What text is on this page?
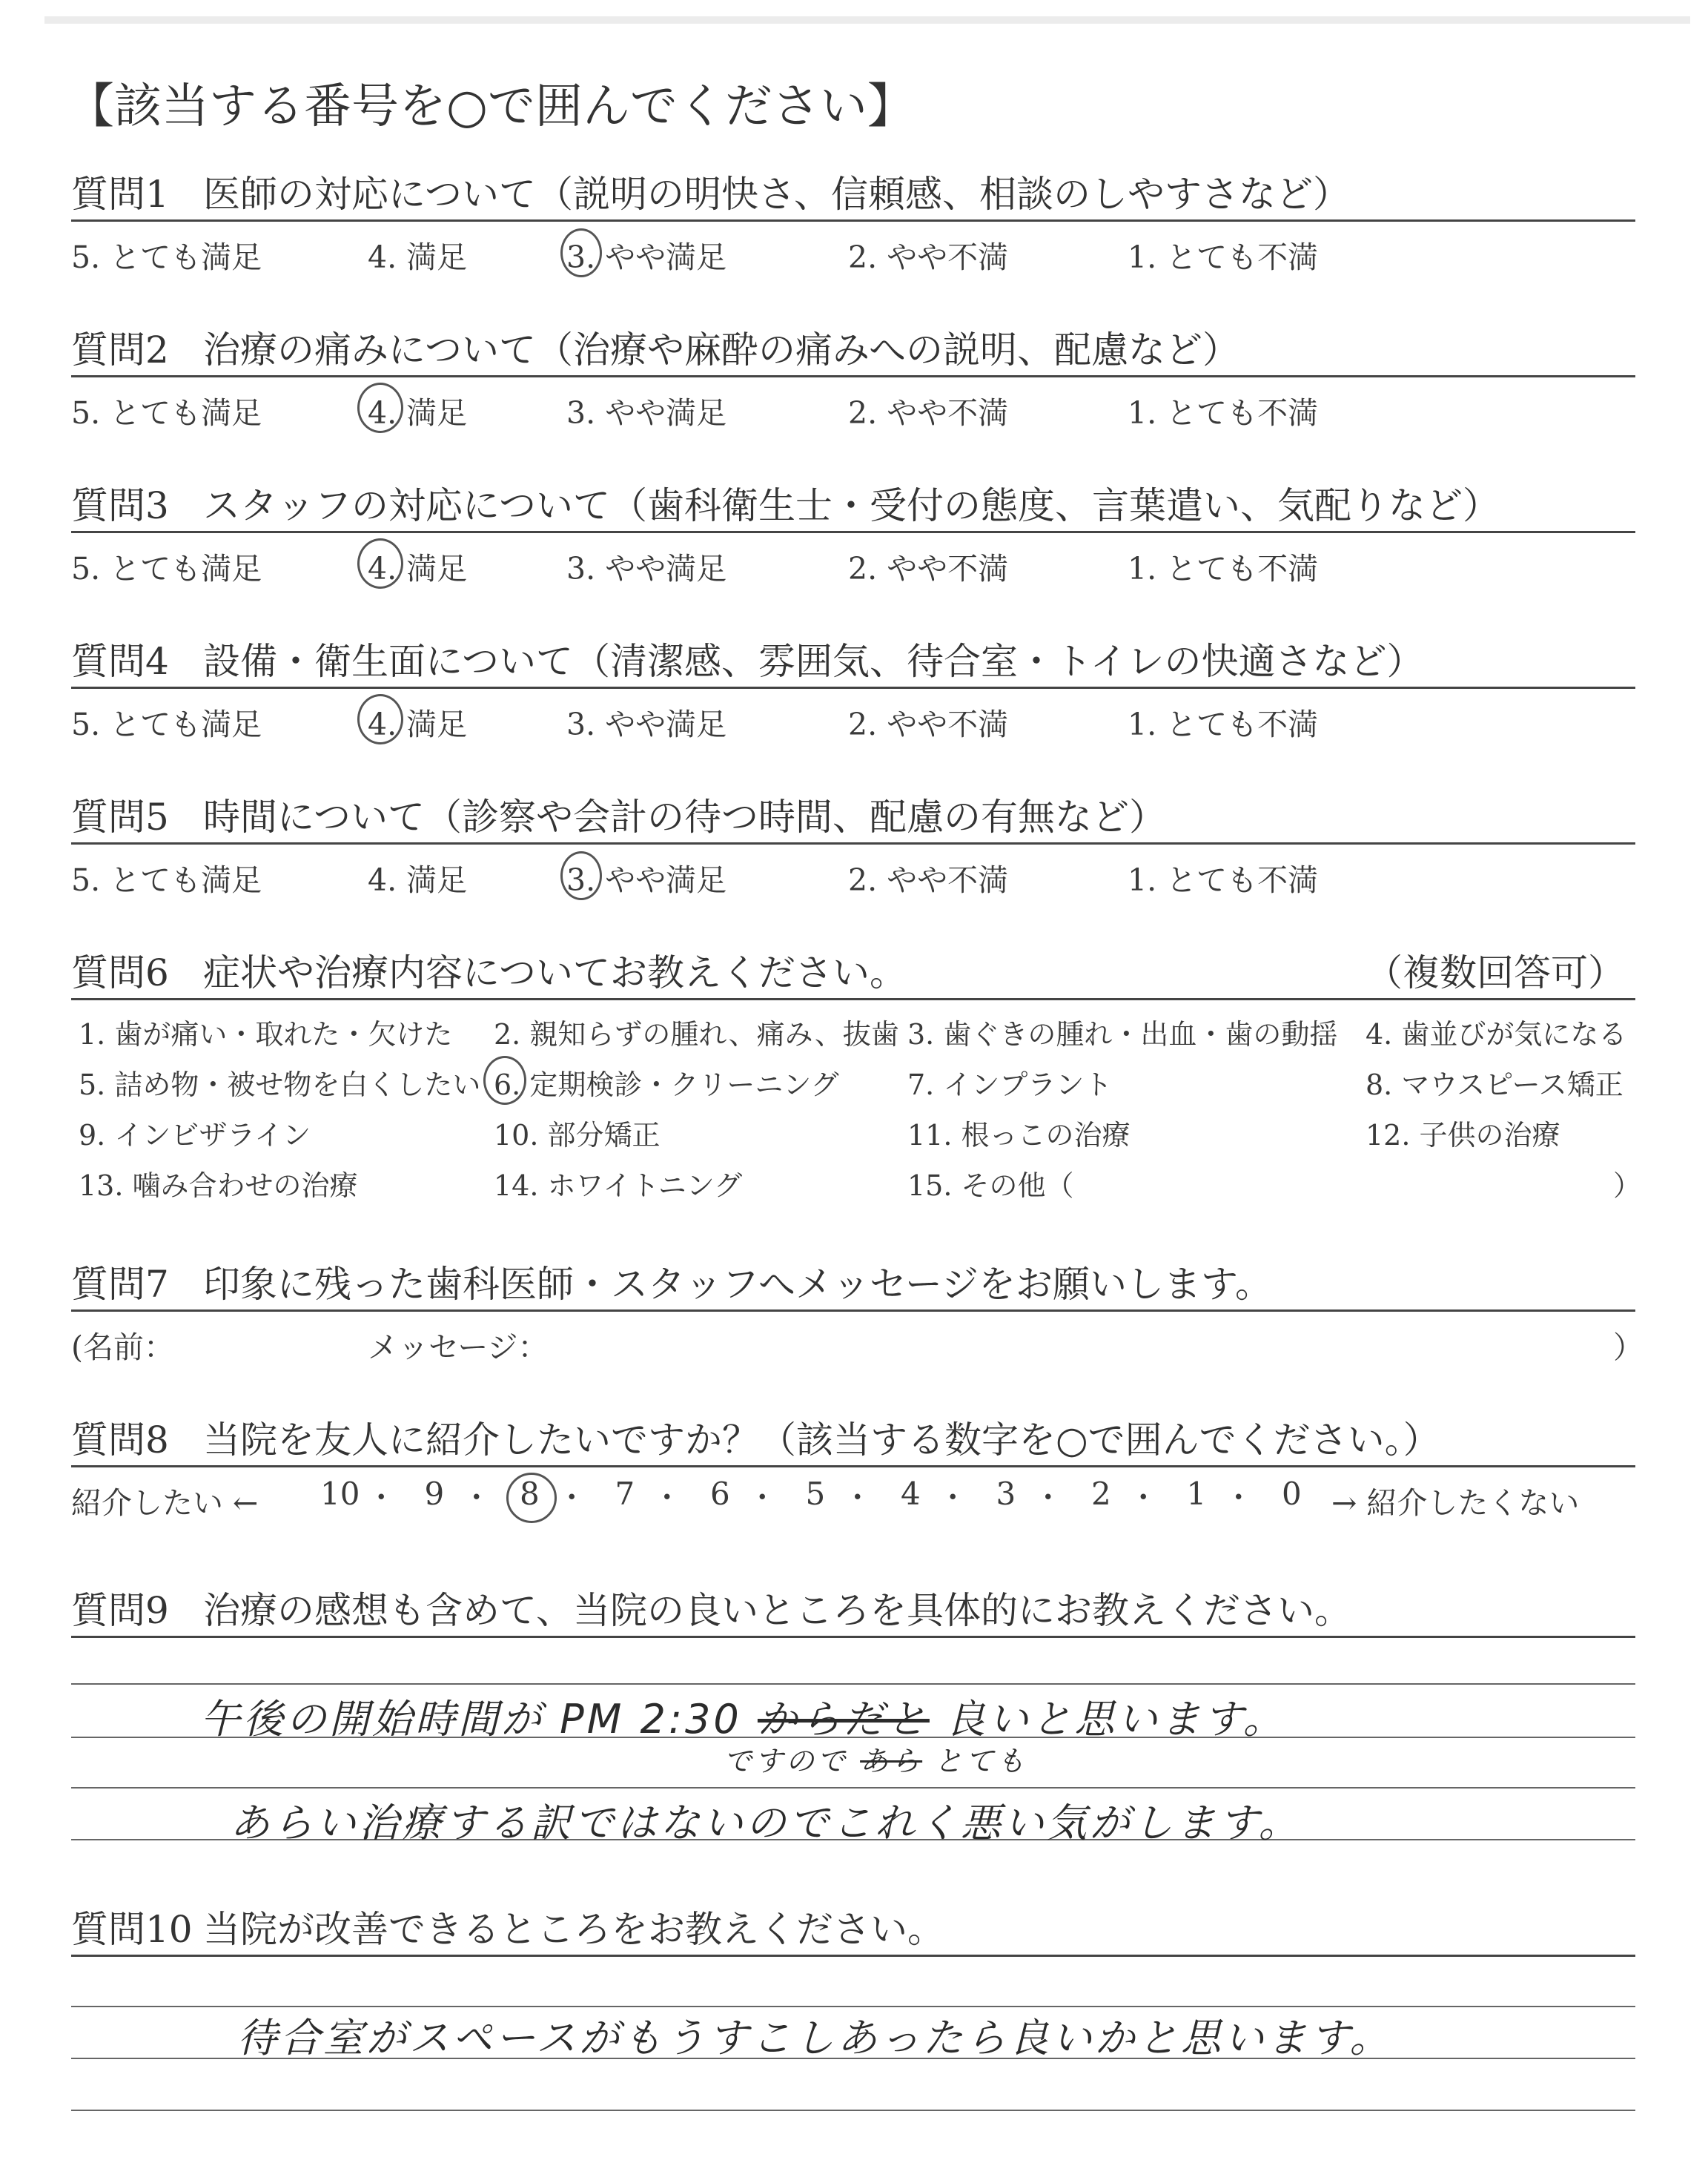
【該当する番号を○で囲んでください】
質問1 医師の対応について（説明の明快さ、信頼感、相談のしやすさなど）
5. とても満足	4. 満足	3. やや満足	2. やや不満	1. とても不満
質問2 治療の痛みについて（治療や麻酔の痛みへの説明、配慮など）
5. とても満足	4. 満足	3. やや満足	2. やや不満	1. とても不満
質問3 スタッフの対応について（歯科衛生士・受付の態度、言葉遣い、気配りなど）
5. とても満足	4. 満足	3. やや満足	2. やや不満	1. とても不満
質問4 設備・衛生面について（清潔感、雰囲気、待合室・トイレの快適さなど）
5. とても満足	4. 満足	3. やや満足	2. やや不満	1. とても不満
質問5 時間について（診察や会計の待つ時間、配慮の有無など）
5. とても満足	4. 満足	3. やや満足	2. やや不満	1. とても不満
質問6 症状や治療内容についてお教えください。	（複数回答可）
1. 歯が痛い・取れた・欠けた 2. 親知らずの腫れ、痛み、抜歯 3. 歯ぐきの腫れ・出血・歯の動揺 4. 歯並びが気になる
5. 詰め物・被せ物を白くしたい 6. 定期検診・クリーニング 7. インプラント	8. マウスピース矯正
9. インビザライン	10. 部分矯正	11. 根っこの治療	12. 子供の治療
13. 噛み合わせの治療	14. ホワイトニング	15. その他（	）
質問7 印象に残った歯科医師・スタッフへメッセージをお願いします。
(名前：	メッセージ：	）
質問8 当院を友人に紹介したいですか？（該当する数字を○で囲んでください。）
紹介したい ←	→ 紹介したくない
10 ・ 9 ・ 8 ・ 7 ・ 6 ・ 5 ・ 4 ・ 3 ・ 2 ・ 1 ・ 0
質問9 治療の感想も含めて、当院の良いところを具体的にお教えください。
午後の開始時間が PM 2:30 からだと 良いと思います。
ですので あら とても
あらい治療する訳ではないのでこれく悪い気がします。
質問10 当院が改善できるところをお教えください。
待合室がスペースがもうすこしあったら良いかと思います。
